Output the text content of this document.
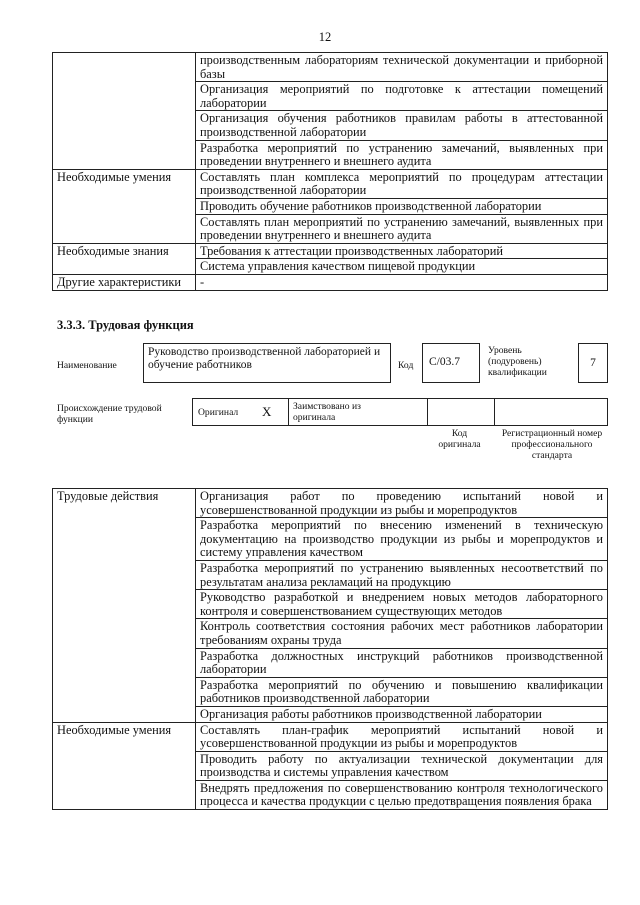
12
	производственным лабораториям технической документации и приборной базы
	Организация мероприятий по подготовке к аттестации помещений лаборатории
	Организация обучения работников правилам работы в аттестованной производственной лаборатории
	Разработка мероприятий по устранению замечаний, выявленных при проведении внутреннего и внешнего аудита
Необходимые умения	Составлять план комплекса мероприятий по процедурам аттестации производственной лаборатории
	Проводить обучение работников производственной лаборатории
	Составлять план мероприятий по устранению замечаний, выявленных при проведении внутреннего и внешнего аудита
Необходимые знания	Требования к аттестации производственных лабораторий
	Система управления качеством пищевой продукции
Другие характеристики	-
3.3.3. Трудовая функция
Наименование
Руководство производственной лабораторией и обучение работников	Код	С/03.7
Уровень (подуровень) квалификации
7
Происхождение трудовой функции
Оригинал X Заимствовано из оригинала
Код оригинала
Регистрационный номер профессионального стандарта
Трудовые действия	Организация работ по проведению испытаний новой и усовершенствованной продукции из рыбы и морепродуктов
	Разработка мероприятий по внесению изменений в техническую документацию на производство продукции из рыбы и морепродуктов и систему управления качеством
	Разработка мероприятий по устранению выявленных несоответствий по результатам анализа рекламаций на продукцию
	Руководство разработкой и внедрением новых методов лабораторного контроля и совершенствованием существующих методов
	Контроль соответствия состояния рабочих мест работников лаборатории требованиям охраны труда
	Разработка должностных инструкций работников производственной лаборатории
	Разработка мероприятий по обучению и повышению квалификации работников производственной лаборатории
	Организация работы работников производственной лаборатории
Необходимые умения	Составлять план-график мероприятий испытаний новой и усовершенствованной продукции из рыбы и морепродуктов
	Проводить работу по актуализации технической документации для производства и системы управления качеством
	Внедрять предложения по совершенствованию контроля технологического процесса и качества продукции с целью предотвращения появления брака
